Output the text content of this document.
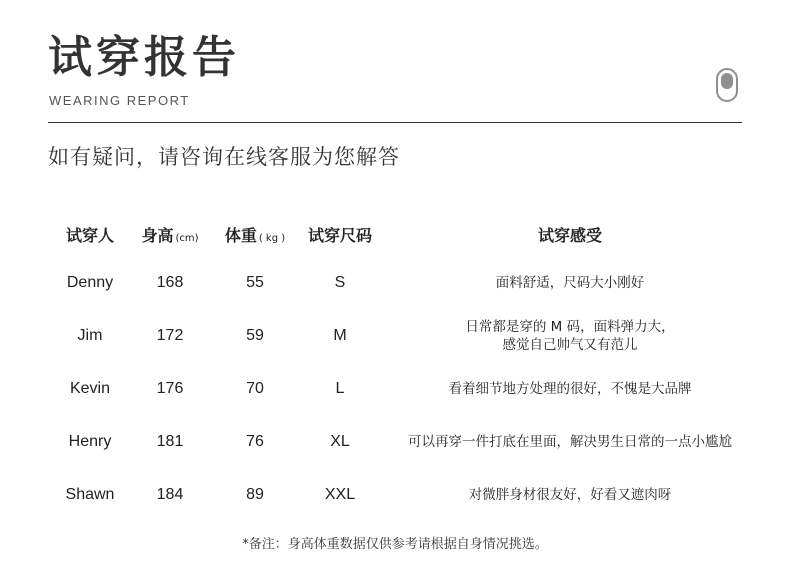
试穿报告
WEARING REPORT
如有疑问，请咨询在线客服为您解答
试穿人	身高 (cm)	体重 ( kg )	试穿尺码	试穿感受
Denny	168	55	S	面料舒适，尺码大小刚好

Jim	172	59	M	日常都是穿的 M 码，面料弹力大，
感觉自己帅气又有范儿

Kevin	176	70	L	看着细节地方处理的很好，不愧是大品牌

Henry	181	76	XL	可以再穿一件打底在里面，解决男生日常的一点小尴尬

Shawn	184	89	XXL	对微胖身材很友好，好看又遮肉呀
*备注：身高体重数据仅供参考请根据自身情况挑选。
